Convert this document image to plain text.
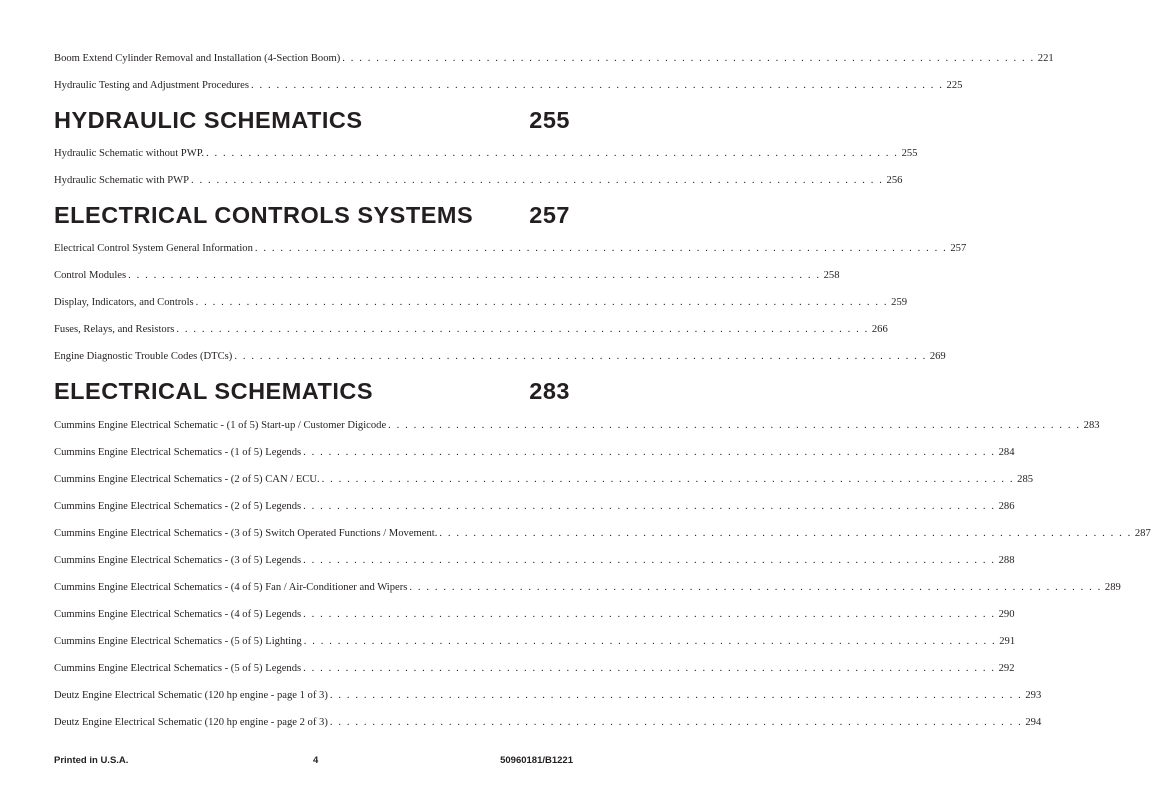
Boom Extend Cylinder Removal and Installation (4-Section Boom) . . . . . . . . . . . . . . . . . . . . . . . . . . . . . . . . . . . . . . . . . . . . . . . . . . . . . . . . . . . . . . . . . . . . . . . . . . . . . . . . . . 221
Hydraulic Testing and Adjustment Procedures . . . . . . . . . . . . . . . . . . . . . . . . . . . . . . . . . . . . . . . . . . . . . . . . . . . . . . . . . . . . . . . . . . . . . . . . . . . . . . . . . . 225
HYDRAULIC SCHEMATICS	255
Hydraulic Schematic without PWP. . . . . . . . . . . . . . . . . . . . . . . . . . . . . . . . . . . . . . . . . . . . . . . . . . . . . . . . . . . . . . . . . . . . . . . . . . . . . . . . . . . 255
Hydraulic Schematic with PWP . . . . . . . . . . . . . . . . . . . . . . . . . . . . . . . . . . . . . . . . . . . . . . . . . . . . . . . . . . . . . . . . . . . . . . . . . . . . . . . . . . 256
ELECTRICAL CONTROLS SYSTEMS 257
Electrical Control System General Information . . . . . . . . . . . . . . . . . . . . . . . . . . . . . . . . . . . . . . . . . . . . . . . . . . . . . . . . . . . . . . . . . . . . . . . . . . . . . . . . . . 257
Control Modules . . . . . . . . . . . . . . . . . . . . . . . . . . . . . . . . . . . . . . . . . . . . . . . . . . . . . . . . . . . . . . . . . . . . . . . . . . . . . . . . . . 258
Display, Indicators, and Controls . . . . . . . . . . . . . . . . . . . . . . . . . . . . . . . . . . . . . . . . . . . . . . . . . . . . . . . . . . . . . . . . . . . . . . . . . . . . . . . . . . 259
Fuses, Relays, and Resistors . . . . . . . . . . . . . . . . . . . . . . . . . . . . . . . . . . . . . . . . . . . . . . . . . . . . . . . . . . . . . . . . . . . . . . . . . . . . . . . . . . 266
Engine Diagnostic Trouble Codes (DTCs) . . . . . . . . . . . . . . . . . . . . . . . . . . . . . . . . . . . . . . . . . . . . . . . . . . . . . . . . . . . . . . . . . . . . . . . . . . . . . . . . . . 269
ELECTRICAL SCHEMATICS	283
Cummins Engine Electrical Schematic - (1 of 5) Start-up / Customer Digicode . . . . . . . . . . . . . . . . . . . . . . . . . . . . . . . . . . . . . . . . . . . . . . . . . . . . . . . . . . . . . . . . . . . . . . . . . . . . . . . . . . 283
Cummins Engine Electrical Schematics - (1 of 5) Legends . . . . . . . . . . . . . . . . . . . . . . . . . . . . . . . . . . . . . . . . . . . . . . . . . . . . . . . . . . . . . . . . . . . . . . . . . . . . . . . . . . 284
Cummins Engine Electrical Schematics - (2 of 5) CAN / ECU. . . . . . . . . . . . . . . . . . . . . . . . . . . . . . . . . . . . . . . . . . . . . . . . . . . . . . . . . . . . . . . . . . . . . . . . . . . . . . . . . . . 285
Cummins Engine Electrical Schematics - (2 of 5) Legends . . . . . . . . . . . . . . . . . . . . . . . . . . . . . . . . . . . . . . . . . . . . . . . . . . . . . . . . . . . . . . . . . . . . . . . . . . . . . . . . . . 286
Cummins Engine Electrical Schematics - (3 of 5) Switch Operated Functions / Movement. . . . . . . . . . . . . . . . . . . . . . . . . . . . . . . . . . . . . . . . . . . . . . . . . . . . . . . . . . . . . . . . . . . . . . . . . . . . . . . . . . . 287
Cummins Engine Electrical Schematics - (3 of 5) Legends . . . . . . . . . . . . . . . . . . . . . . . . . . . . . . . . . . . . . . . . . . . . . . . . . . . . . . . . . . . . . . . . . . . . . . . . . . . . . . . . . . 288
Cummins Engine Electrical Schematics - (4 of 5) Fan / Air-Conditioner and Wipers . . . . . . . . . . . . . . . . . . . . . . . . . . . . . . . . . . . . . . . . . . . . . . . . . . . . . . . . . . . . . . . . . . . . . . . . . . . . . . . . . . 289
Cummins Engine Electrical Schematics - (4 of 5) Legends . . . . . . . . . . . . . . . . . . . . . . . . . . . . . . . . . . . . . . . . . . . . . . . . . . . . . . . . . . . . . . . . . . . . . . . . . . . . . . . . . . 290
Cummins Engine Electrical Schematics - (5 of 5) Lighting . . . . . . . . . . . . . . . . . . . . . . . . . . . . . . . . . . . . . . . . . . . . . . . . . . . . . . . . . . . . . . . . . . . . . . . . . . . . . . . . . . 291
Cummins Engine Electrical Schematics - (5 of 5) Legends . . . . . . . . . . . . . . . . . . . . . . . . . . . . . . . . . . . . . . . . . . . . . . . . . . . . . . . . . . . . . . . . . . . . . . . . . . . . . . . . . . 292
Deutz Engine Electrical Schematic (120 hp engine - page 1 of 3) . . . . . . . . . . . . . . . . . . . . . . . . . . . . . . . . . . . . . . . . . . . . . . . . . . . . . . . . . . . . . . . . . . . . . . . . . . . . . . . . . . 293
Deutz Engine Electrical Schematic (120 hp engine - page 2 of 3) . . . . . . . . . . . . . . . . . . . . . . . . . . . . . . . . . . . . . . . . . . . . . . . . . . . . . . . . . . . . . . . . . . . . . . . . . . . . . . . . . . 294
Printed in U.S.A.	4	50960181/B1221
